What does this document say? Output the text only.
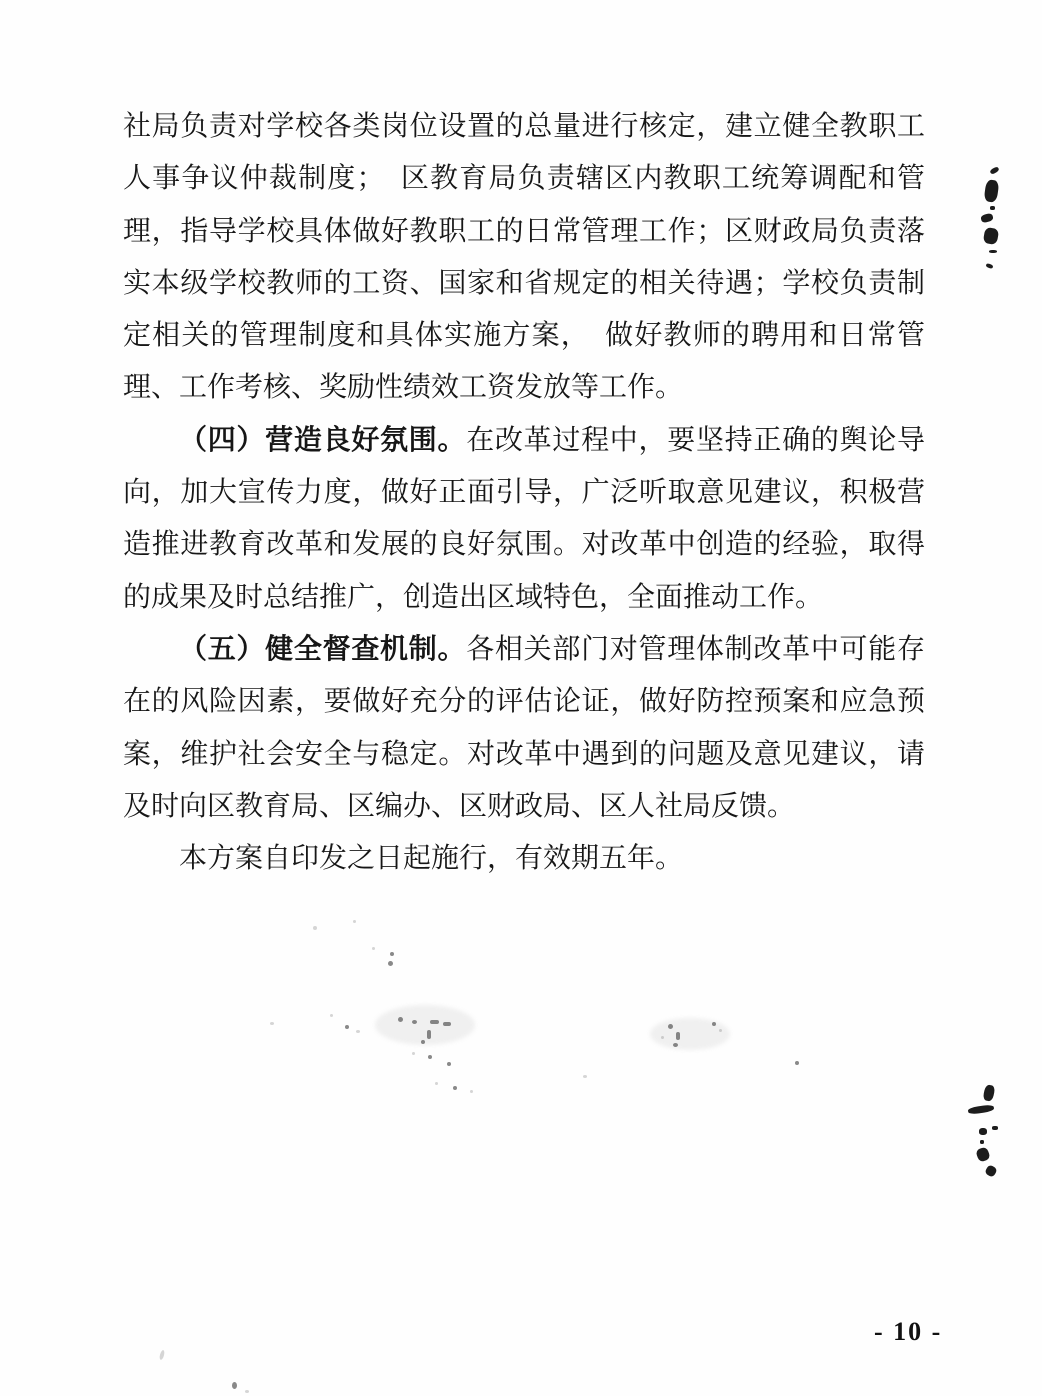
社局负责对学校各类岗位设置的总量进行核定，建立健全教职工
人事争议仲裁制度；　区教育局负责辖区内教职工统筹调配和管
理，指导学校具体做好教职工的日常管理工作；区财政局负责落
实本级学校教师的工资、国家和省规定的相关待遇；学校负责制
定相关的管理制度和具体实施方案，　做好教师的聘用和日常管
理、工作考核、奖励性绩效工资发放等工作。
（四）营造良好氛围。在改革过程中，要坚持正确的舆论导
向，加大宣传力度，做好正面引导，广泛听取意见建议，积极营
造推进教育改革和发展的良好氛围。对改革中创造的经验，取得
的成果及时总结推广，创造出区域特色，全面推动工作。
（五）健全督查机制。各相关部门对管理体制改革中可能存
在的风险因素，要做好充分的评估论证，做好防控预案和应急预
案，维护社会安全与稳定。对改革中遇到的问题及意见建议，请
及时向区教育局、区编办、区财政局、区人社局反馈。
本方案自印发之日起施行，有效期五年。
- 10 -
